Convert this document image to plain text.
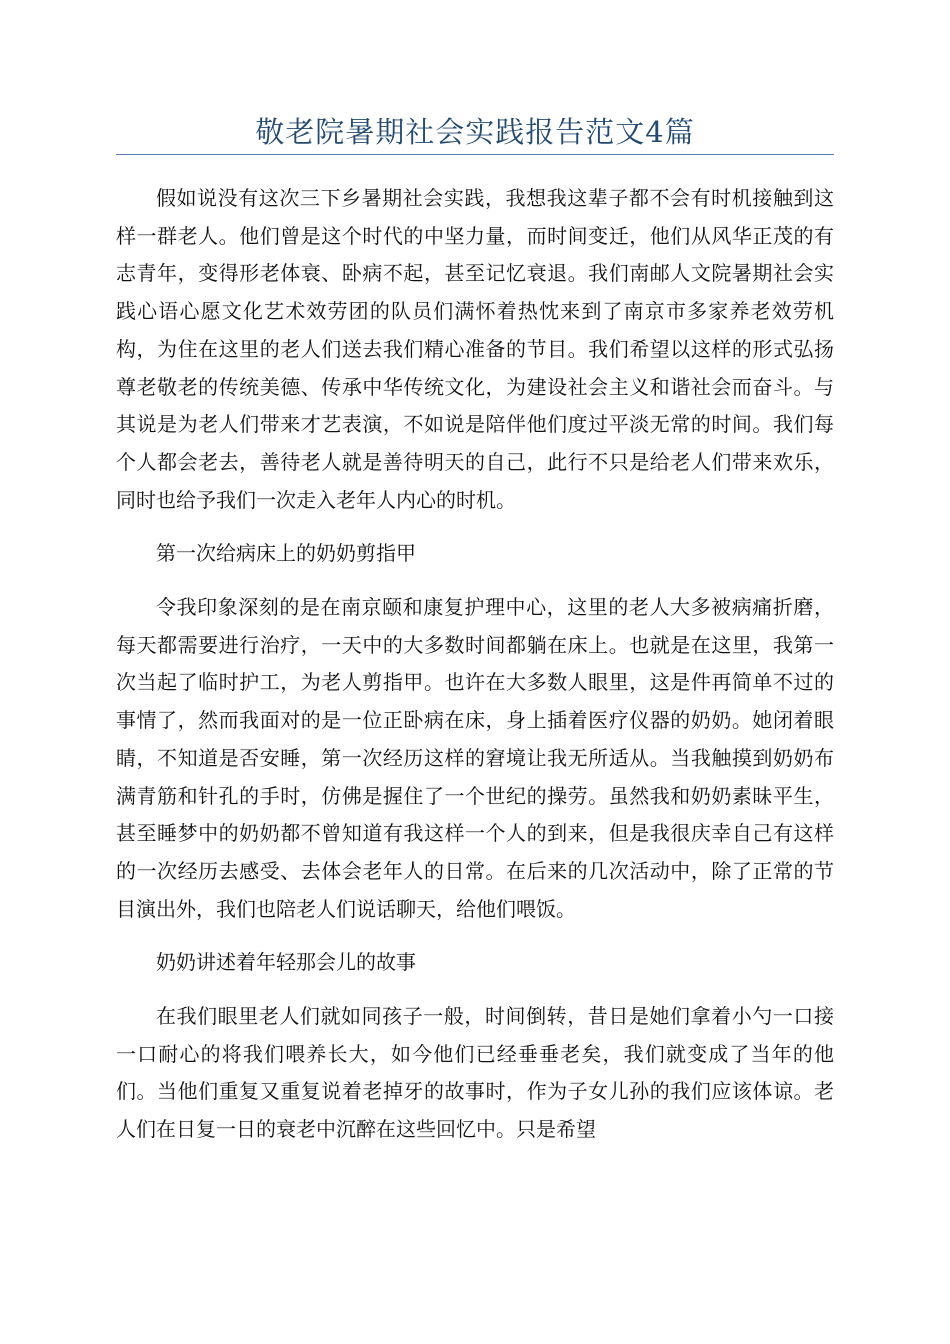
敬老院暑期社会实践报告范文4篇

假如说没有这次三下乡暑期社会实践，我想我这辈子都不会有时机接触到这样一群老人。他们曾是这个时代的中坚力量，而时间变迁，他们从风华正茂的有志青年，变得形老体衰、卧病不起，甚至记忆衰退。我们南邮人文院暑期社会实践心语心愿文化艺术效劳团的队员们满怀着热忱来到了南京市多家养老效劳机构，为住在这里的老人们送去我们精心准备的节目。我们希望以这样的形式弘扬尊老敬老的传统美德、传承中华传统文化，为建设社会主义和谐社会而奋斗。与其说是为老人们带来才艺表演，不如说是陪伴他们度过平淡无常的时间。我们每个人都会老去，善待老人就是善待明天的自己，此行不只是给老人们带来欢乐，同时也给予我们一次走入老年人内心的时机。

第一次给病床上的奶奶剪指甲

令我印象深刻的是在南京颐和康复护理中心，这里的老人大多被病痛折磨，每天都需要进行治疗，一天中的大多数时间都躺在床上。也就是在这里，我第一次当起了临时护工，为老人剪指甲。也许在大多数人眼里，这是件再简单不过的事情了，然而我面对的是一位正卧病在床，身上插着医疗仪器的奶奶。她闭着眼睛，不知道是否安睡，第一次经历这样的窘境让我无所适从。当我触摸到奶奶布满青筋和针孔的手时，仿佛是握住了一个世纪的操劳。虽然我和奶奶素昧平生，甚至睡梦中的奶奶都不曾知道有我这样一个人的到来，但是我很庆幸自己有这样的一次经历去感受、去体会老年人的日常。在后来的几次活动中，除了正常的节目演出外，我们也陪老人们说话聊天，给他们喂饭。

奶奶讲述着年轻那会儿的故事

在我们眼里老人们就如同孩子一般，时间倒转，昔日是她们拿着小勺一口接一口耐心的将我们喂养长大，如今他们已经垂垂老矣，我们就变成了当年的他们。当他们重复又重复说着老掉牙的故事时，作为子女儿孙的我们应该体谅。老人们在日复一日的衰老中沉醉在这些回忆中。只是希望
